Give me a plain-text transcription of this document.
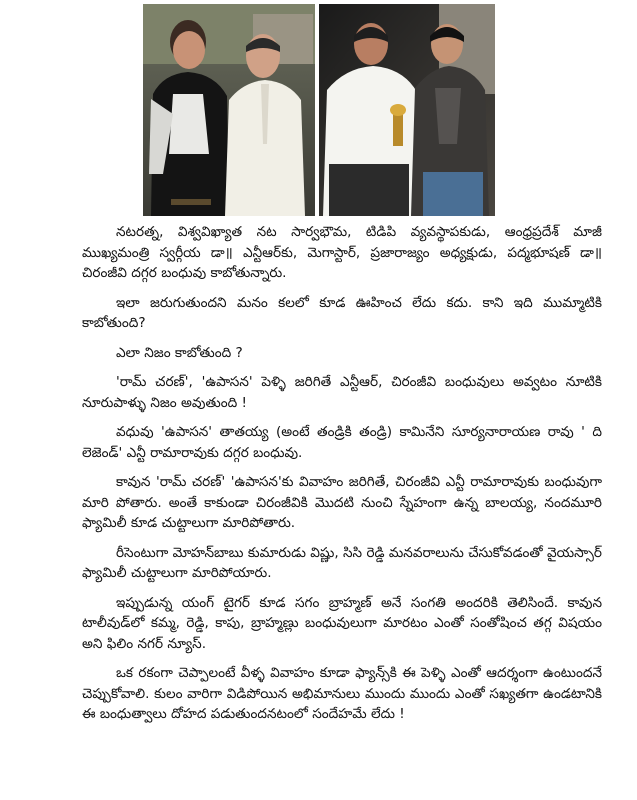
నటరత్న, విశ్వవిఖ్యాత నట సార్వభౌమ, టిడిపి వ్యవస్థాపకుడు, ఆంధ్రప్రదేశ్ మాజీ ముఖ్యమంత్రి స్వర్గీయ డా॥ ఎన్టీఆర్‌కు, మెగాస్టార్, ప్రజారాజ్యం అధ్యక్షుడు, పద్మభూషణ్ డా॥ చిరంజీవి దగ్గర బంధువు కాబోతున్నారు.

ఇలా జరుగుతుందని మనం కలలో కూడ ఊహించ లేదు కదు. కాని ఇది ముమ్మాటికి కాబోతుంది?

ఎలా నిజం కాబోతుంది ?

'రామ్ చరణ్', 'ఉపాసన' పెళ్ళి జరిగితే ఎన్టీఆర్, చిరంజీవి బంధువులు అవ్వటం నూటికి నూరుపాళ్ళు నిజం అవుతుంది !

వధువు 'ఉపాసన' తాతయ్య (అంటే తండ్రికి తండ్రి) కామినేని సూర్యనారాయణ రావు ' ది లెజెండ్' ఎన్టీ రామారావుకు దగ్గర బంధువు.

కావున 'రామ్ చరణ్' 'ఉపాసన'కు వివాహం జరిగితే, చిరంజీవి ఎన్టీ రామారావుకు బంధువుగా మారి పోతారు. అంతే కాకుండా చిరంజీవికి మొదటి నుంచి స్నేహంగా ఉన్న బాలయ్య, నందమూరి ఫ్యామిలీ కూడ చుట్టాలుగా మారిపోతారు.

రీసెంటుగా మోహన్‌బాబు కుమారుడు విష్ణు, సిసి రెడ్డి మనవరాలును చేసుకోవడంతో వైయస్సార్ ఫ్యామిలీ చుట్టాలుగా మారిపోయారు.

ఇప్పుడున్న యంగ్ టైగర్ కూడ సగం బ్రాహ్మణ్ అనే సంగతి అందరికి తెలిసిందే. కావున టాలీవుడ్‌లో కమ్మ, రెడ్డి, కాపు, బ్రాహ్మణ్లు బంధువులుగా మారటం ఎంతో సంతోషించ తగ్గ విషయం అని ఫిలిం నగర్ న్యూస్.

ఒక రకంగా చెప్పాలంటే వీళ్ళ వివాహం కూడా ఫ్యాన్స్‌కి ఈ పెళ్ళి ఎంతో ఆదర్శంగా ఉంటుందనే చెప్పుకోవాలి. కులం వారిగా విడిపోయిన అభిమానులు ముందు ముందు ఎంతో సఖ్యతగా ఉండటానికి ఈ బంధుత్వాలు దోహద పడుతుందనటంలో సందేహమే లేదు !
